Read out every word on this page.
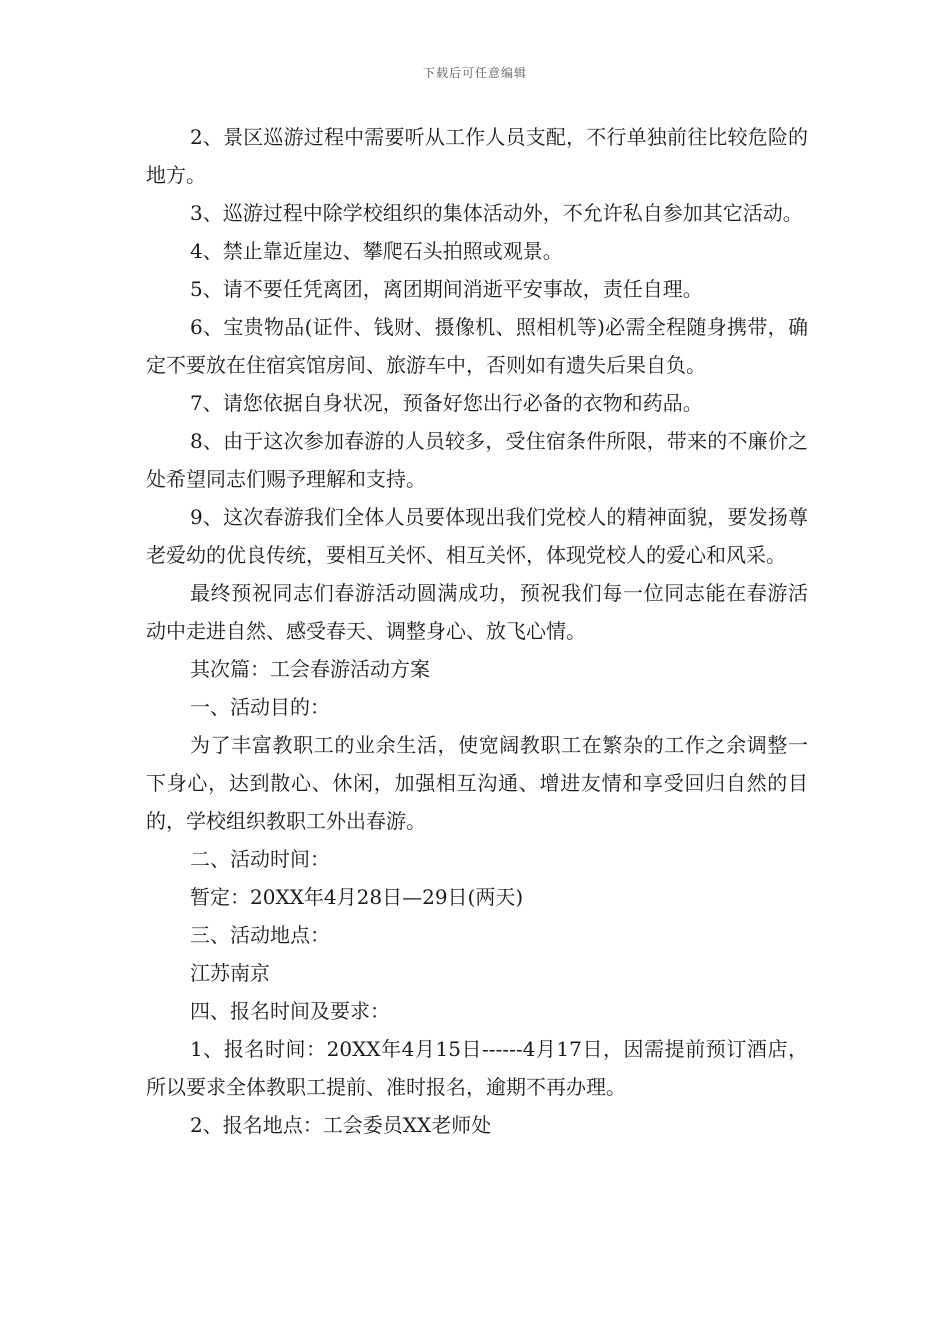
下载后可任意编辑

2、景区巡游过程中需要听从工作人员支配，不行单独前往比较危险的地方。

3、巡游过程中除学校组织的集体活动外，不允许私自参加其它活动。

4、禁止靠近崖边、攀爬石头拍照或观景。

5、请不要任凭离团，离团期间消逝平安事故，责任自理。

6、宝贵物品(证件、钱财、摄像机、照相机等)必需全程随身携带，确定不要放在住宿宾馆房间、旅游车中，否则如有遗失后果自负。

7、请您依据自身状况，预备好您出行必备的衣物和药品。

8、由于这次参加春游的人员较多，受住宿条件所限，带来的不廉价之处希望同志们赐予理解和支持。

9、这次春游我们全体人员要体现出我们党校人的精神面貌，要发扬尊老爱幼的优良传统，要相互关怀、相互关怀，体现党校人的爱心和风采。

最终预祝同志们春游活动圆满成功，预祝我们每一位同志能在春游活动中走进自然、感受春天、调整身心、放飞心情。

其次篇：工会春游活动方案

一、活动目的：

为了丰富教职工的业余生活，使宽阔教职工在繁杂的工作之余调整一下身心，达到散心、休闲，加强相互沟通、增进友情和享受回归自然的目的，学校组织教职工外出春游。

二、活动时间：

暂定：20XX年4月28日—29日(两天)

三、活动地点：

江苏南京

四、报名时间及要求：

1、报名时间：20XX年4月15日------4月17日，因需提前预订酒店，所以要求全体教职工提前、准时报名，逾期不再办理。

2、报名地点：工会委员XX老师处
